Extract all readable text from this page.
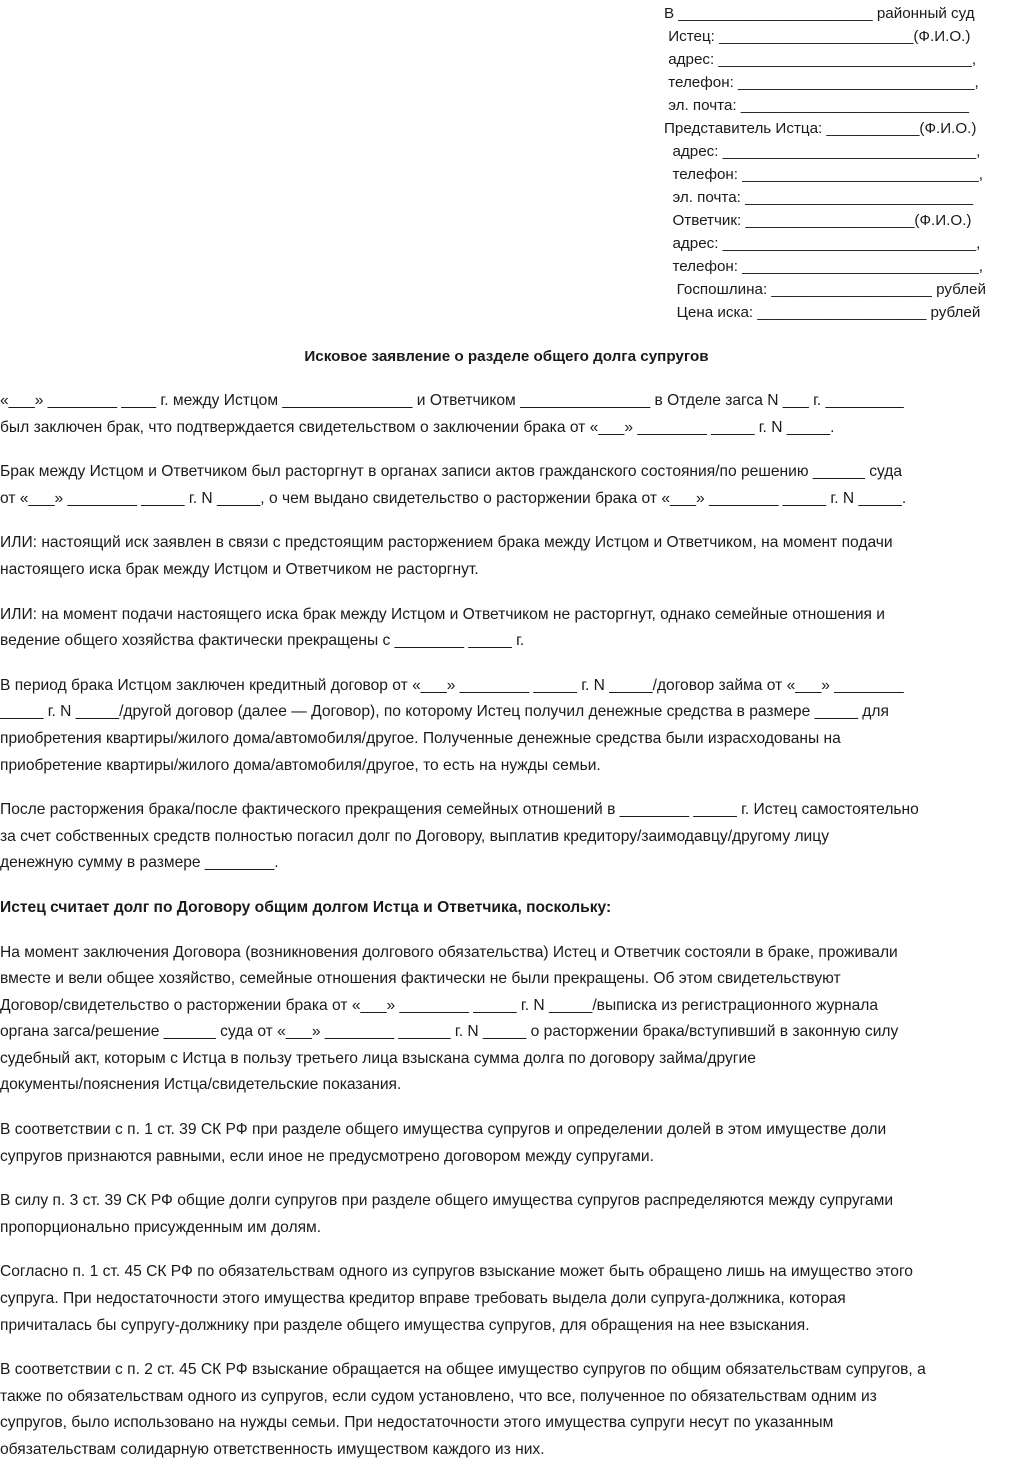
В _______________________ районный суд
Истец: _______________________(Ф.И.О.)
адрес: ______________________________,
телефон: ____________________________,
эл. почта: ___________________________
Представитель Истца: ___________(Ф.И.О.)
адрес: ______________________________,
телефон: ____________________________,
эл. почта: ___________________________
Ответчик: ____________________(Ф.И.О.)
адрес: ______________________________,
телефон: ____________________________,
Госпошлина: ___________________ рублей
Цена иска: ____________________ рублей
Исковое заявление о разделе общего долга супругов
«___» ________ ____ г. между Истцом _______________ и Ответчиком _______________ в Отделе загса N ___ г. _________
был заключен брак, что подтверждается свидетельством о заключении брака от «___» ________ _____ г. N _____.
Брак между Истцом и Ответчиком был расторгнут в органах записи актов гражданского состояния/по решению ______ суда
от «___» ________ _____ г. N _____, о чем выдано свидетельство о расторжении брака от «___» ________ _____ г. N _____.
ИЛИ: настоящий иск заявлен в связи с предстоящим расторжением брака между Истцом и Ответчиком, на момент подачи
настоящего иска брак между Истцом и Ответчиком не расторгнут.
ИЛИ: на момент подачи настоящего иска брак между Истцом и Ответчиком не расторгнут, однако семейные отношения и
ведение общего хозяйства фактически прекращены с ________ _____ г.
В период брака Истцом заключен кредитный договор от «___» ________ _____ г. N _____/договор займа от «___» ________
_____ г. N _____/другой договор (далее — Договор), по которому Истец получил денежные средства в размере _____ для
приобретения квартиры/жилого дома/автомобиля/другое. Полученные денежные средства были израсходованы на
приобретение квартиры/жилого дома/автомобиля/другое, то есть на нужды семьи.
После расторжения брака/после фактического прекращения семейных отношений в ________ _____ г. Истец самостоятельно
за счет собственных средств полностью погасил долг по Договору, выплатив кредитору/заимодавцу/другому лицу
денежную сумму в размере ________.
Истец считает долг по Договору общим долгом Истца и Ответчика, поскольку:
На момент заключения Договора (возникновения долгового обязательства) Истец и Ответчик состояли в браке, проживали
вместе и вели общее хозяйство, семейные отношения фактически не были прекращены. Об этом свидетельствуют
Договор/свидетельство о расторжении брака от «___» ________ _____ г. N _____/выписка из регистрационного журнала
органа загса/решение ______ суда от «___» ________ ______ г. N _____ о расторжении брака/вступивший в законную силу
судебный акт, которым с Истца в пользу третьего лица взыскана сумма долга по договору займа/другие
документы/пояснения Истца/свидетельские показания.
В соответствии с п. 1 ст. 39 СК РФ при разделе общего имущества супругов и определении долей в этом имуществе доли
супругов признаются равными, если иное не предусмотрено договором между супругами.
В силу п. 3 ст. 39 СК РФ общие долги супругов при разделе общего имущества супругов распределяются между супругами
пропорционально присужденным им долям.
Согласно п. 1 ст. 45 СК РФ по обязательствам одного из супругов взыскание может быть обращено лишь на имущество этого
супруга. При недостаточности этого имущества кредитор вправе требовать выдела доли супруга-должника, которая
причиталась бы супругу-должнику при разделе общего имущества супругов, для обращения на нее взыскания.
В соответствии с п. 2 ст. 45 СК РФ взыскание обращается на общее имущество супругов по общим обязательствам супругов, а
также по обязательствам одного из супругов, если судом установлено, что все, полученное по обязательствам одним из
супругов, было использовано на нужды семьи. При недостаточности этого имущества супруги несут по указанным
обязательствам солидарную ответственность имуществом каждого из них.
